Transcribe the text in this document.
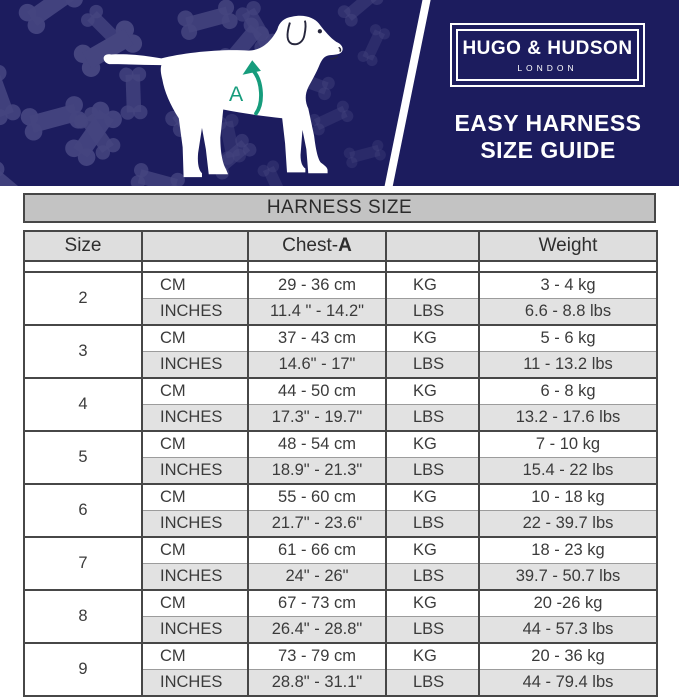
A
HUGO & HUDSON
LONDON
EASY HARNESS
SIZE GUIDE
HARNESS SIZE
Size		Chest-A		Weight

2	CM	29 - 36 cm	KG	3 - 4 kg
	INCHES	11.4 " - 14.2"	LBS	6.6 - 8.8 lbs
3	CM	37 - 43 cm	KG	5 - 6 kg
	INCHES	14.6" - 17"	LBS	11 - 13.2 lbs
4	CM	44 - 50 cm	KG	6 - 8 kg
	INCHES	17.3" - 19.7"	LBS	13.2 - 17.6 lbs
5	CM	48 - 54 cm	KG	7 - 10 kg
	INCHES	18.9" - 21.3"	LBS	15.4 - 22 lbs
6	CM	55 - 60 cm	KG	10 - 18 kg
	INCHES	21.7" - 23.6"	LBS	22 - 39.7 lbs
7	CM	61 - 66 cm	KG	18 - 23 kg
	INCHES	24" - 26"	LBS	39.7 - 50.7 lbs
8	CM	67 - 73 cm	KG	20 -26 kg
	INCHES	26.4" - 28.8"	LBS	44 - 57.3 lbs
9	CM	73 - 79 cm	KG	20 - 36 kg
	INCHES	28.8" - 31.1"	LBS	44 - 79.4 lbs
